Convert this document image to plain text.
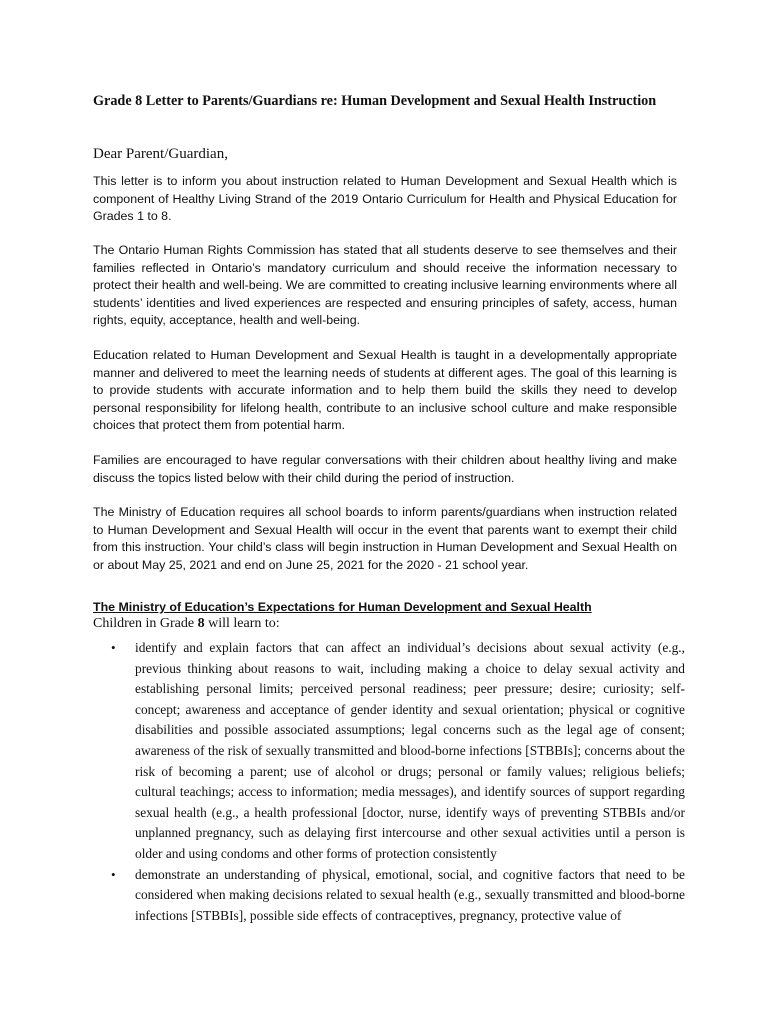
Grade 8 Letter to Parents/Guardians re: Human Development and Sexual Health Instruction

Dear Parent/Guardian,

This letter is to inform you about instruction related to Human Development and Sexual Health which is component of Healthy Living Strand of the 2019 Ontario Curriculum for Health and Physical Education for Grades 1 to 8.

The Ontario Human Rights Commission has stated that all students deserve to see themselves and their families reflected in Ontario’s mandatory curriculum and should receive the information necessary to protect their health and well-being. We are committed to creating inclusive learning environments where all students’ identities and lived experiences are respected and ensuring principles of safety, access, human rights, equity, acceptance, health and well-being.

Education related to Human Development and Sexual Health is taught in a developmentally appropriate manner and delivered to meet the learning needs of students at different ages. The goal of this learning is to provide students with accurate information and to help them build the skills they need to develop personal responsibility for lifelong health, contribute to an inclusive school culture and make responsible choices that protect them from potential harm.

Families are encouraged to have regular conversations with their children about healthy living and make discuss the topics listed below with their child during the period of instruction.

The Ministry of Education requires all school boards to inform parents/guardians when instruction related to Human Development and Sexual Health will occur in the event that parents want to exempt their child from this instruction. Your child’s class will begin instruction in Human Development and Sexual Health on or about May 25, 2021 and end on June 25, 2021 for the 2020 - 21 school year.

The Ministry of Education’s Expectations for Human Development and Sexual Health

Children in Grade 8 will learn to:

• identify and explain factors that can affect an individual’s decisions about sexual activity (e.g., previous thinking about reasons to wait, including making a choice to delay sexual activity and establishing personal limits; perceived personal readiness; peer pressure; desire; curiosity; self-concept; awareness and acceptance of gender identity and sexual orientation; physical or cognitive disabilities and possible associated assumptions; legal concerns such as the legal age of consent; awareness of the risk of sexually transmitted and blood-borne infections [STBBIs]; concerns about the risk of becoming a parent; use of alcohol or drugs; personal or family values; religious beliefs; cultural teachings; access to information; media messages), and identify sources of support regarding sexual health (e.g., a health professional [doctor, nurse, identify ways of preventing STBBIs and/or unplanned pregnancy, such as delaying first intercourse and other sexual activities until a person is older and using condoms and other forms of protection consistently
• demonstrate an understanding of physical, emotional, social, and cognitive factors that need to be considered when making decisions related to sexual health (e.g., sexually transmitted and blood-borne infections [STBBIs], possible side effects of contraceptives, pregnancy, protective value of
